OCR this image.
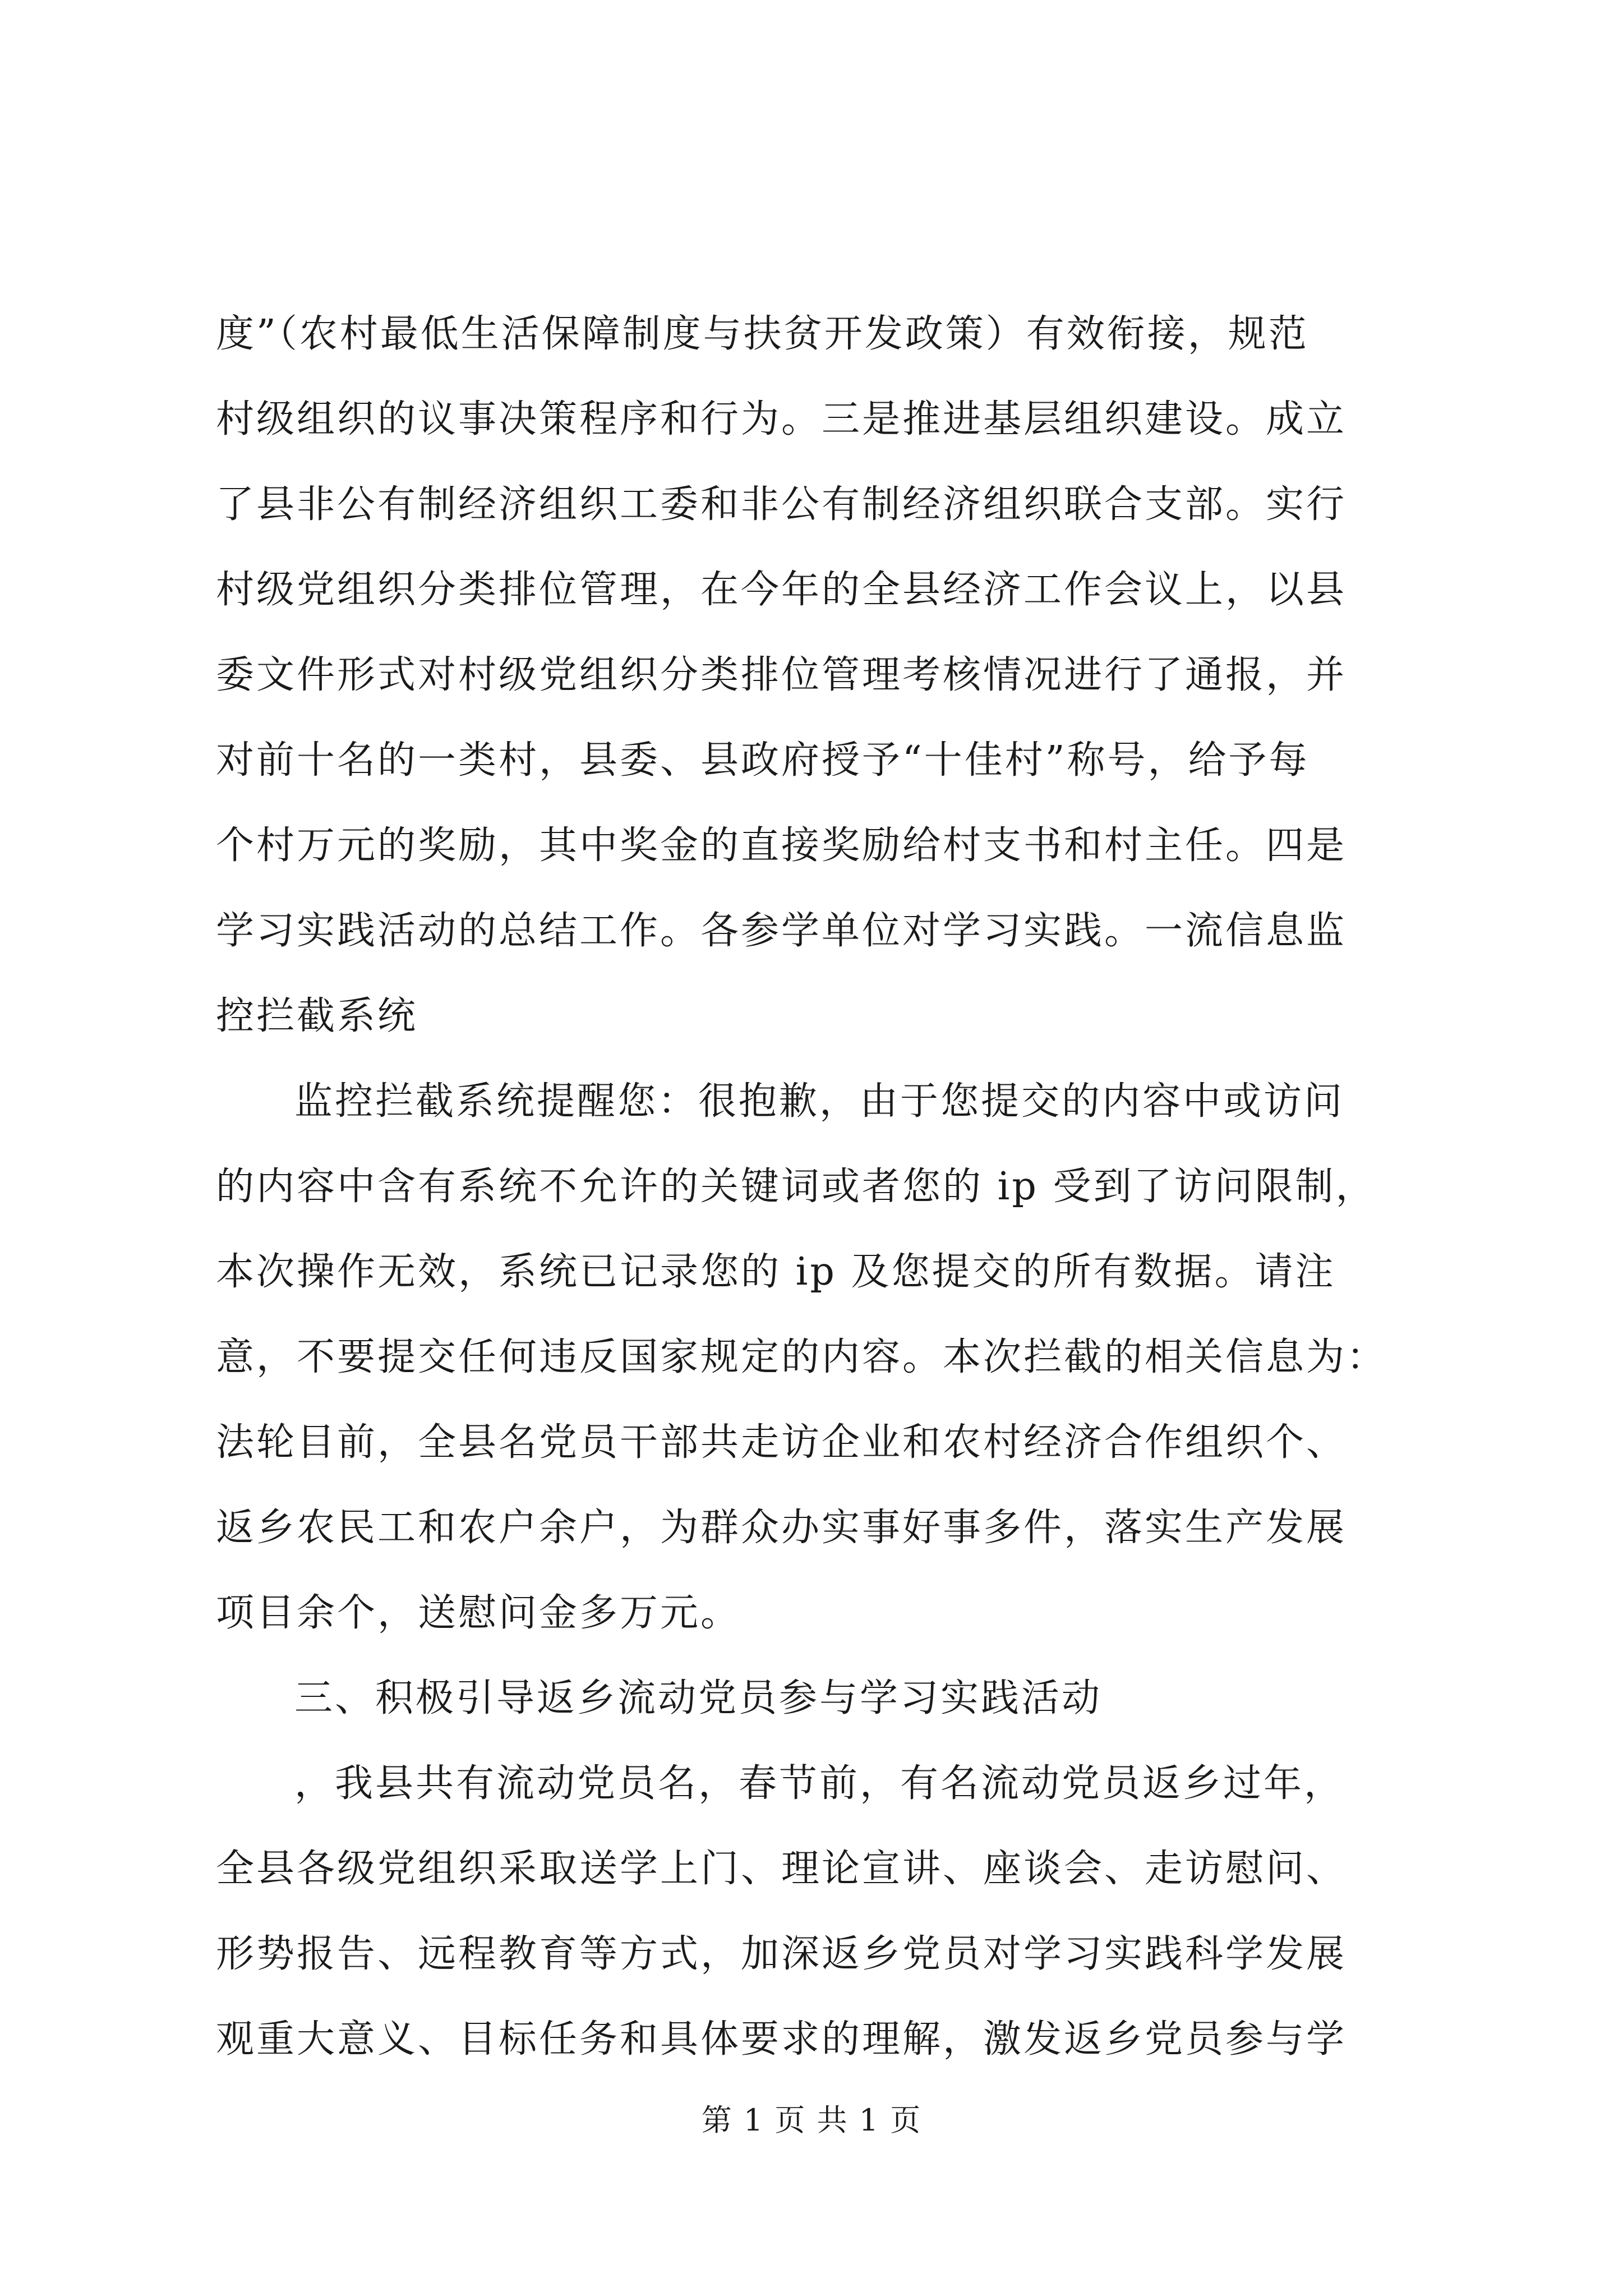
度”（农村最低生活保障制度与扶贫开发政策）有效衔接，规范
村级组织的议事决策程序和行为。三是推进基层组织建设。成立
了县非公有制经济组织工委和非公有制经济组织联合支部。实行
村级党组织分类排位管理，在今年的全县经济工作会议上，以县
委文件形式对村级党组织分类排位管理考核情况进行了通报，并
对前十名的一类村，县委、县政府授予“十佳村”称号，给予每
个村万元的奖励，其中奖金的直接奖励给村支书和村主任。四是
学习实践活动的总结工作。各参学单位对学习实践。一流信息监
控拦截系统
监控拦截系统提醒您：很抱歉，由于您提交的内容中或访问
的内容中含有系统不允许的关键词或者您的 ip 受到了访问限制，
本次操作无效，系统已记录您的 ip 及您提交的所有数据。请注
意，不要提交任何违反国家规定的内容。本次拦截的相关信息为：
法轮目前，全县名党员干部共走访企业和农村经济合作组织个、
返乡农民工和农户余户，为群众办实事好事多件，落实生产发展
项目余个，送慰问金多万元。
三、积极引导返乡流动党员参与学习实践活动
，我县共有流动党员名，春节前，有名流动党员返乡过年，
全县各级党组织采取送学上门、理论宣讲、座谈会、走访慰问、
形势报告、远程教育等方式，加深返乡党员对学习实践科学发展
观重大意义、目标任务和具体要求的理解，激发返乡党员参与学
第 1 页 共 1 页
